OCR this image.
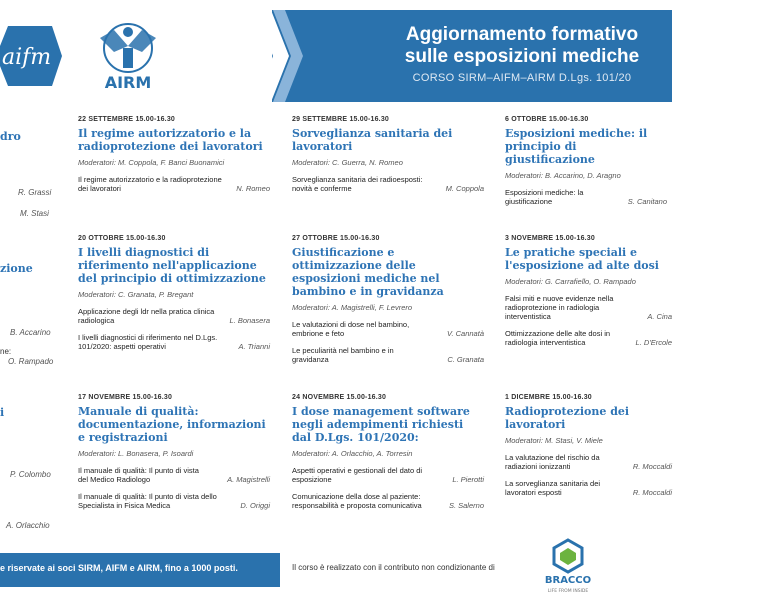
aifm
AIRM
Aggiornamento formativo
sulle esposizioni mediche
CORSO SIRM–AIFM–AIRM D.Lgs. 101/20
dro
R. Grassi
M. Stasi
zione
B. Accarino
ne:
O. Rampado
i
P. Colombo
A. Orlacchio
22 SETTEMBRE 15.00-16.30
Il regime autorizzatorio e la radioprotezione dei lavoratori
Moderatori: M. Coppola, F. Banci Buonamici
Il regime autorizzatorio e la radioprotezione dei lavoratori	N. Romeo
29 SETTEMBRE 15.00-16.30
Sorveglianza sanitaria dei lavoratori
Moderatori: C. Guerra, N. Romeo
Sorveglianza sanitaria dei radioesposti: novità e conferme	M. Coppola
6 OTTOBRE 15.00-16.30
Esposizioni mediche: il principio di giustificazione
Moderatori: B. Accarino, D. Aragno
Esposizioni mediche: la giustificazione	S. Canitano
20 OTTOBRE 15.00-16.30
I livelli diagnostici di riferimento nell'applicazione del principio di ottimizzazione
Moderatori: C. Granata, P. Bregant
Applicazione degli ldr nella pratica clinica radiologica	L. Bonasera
I livelli diagnostici di riferimento nel D.Lgs. 101/2020: aspetti operativi	A. Trianni
27 OTTOBRE 15.00-16.30
Giustificazione e ottimizzazione delle esposizioni mediche nel bambino e in gravidanza
Moderatori: A. Magistrelli, F. Levrero
Le valutazioni di dose nel bambino, embrione e feto	V. Cannatà
Le peculiarità nel bambino e in gravidanza	C. Granata
3 NOVEMBRE 15.00-16.30
Le pratiche speciali e l'esposizione ad alte dosi
Moderatori: G. Carrafiello, O. Rampado
Falsi miti e nuove evidenze nella radioprotezione in radiologia interventistica	A. Cina
Ottimizzazione delle alte dosi in radiologia interventistica	L. D'Ercole
17 NOVEMBRE 15.00-16.30
Manuale di qualità: documentazione, informazioni e registrazioni
Moderatori: L. Bonasera, P. Isoardi
Il manuale di qualità: Il punto di vista del Medico Radiologo	A. Magistrelli
Il manuale di qualità: Il punto di vista dello Specialista in Fisica Medica	D. Origgi
24 NOVEMBRE 15.00-16.30
I dose management software negli adempimenti richiesti dal D.Lgs. 101/2020:
Moderatori: A. Orlacchio, A. Torresin
Aspetti operativi e gestionali del dato di esposizione	L. Pierotti
Comunicazione della dose al paziente: responsabilità e proposta comunicativa	S. Salerno
1 DICEMBRE 15.00-16.30
Radioprotezione dei lavoratori
Moderatori: M. Stasi, V. Miele
La valutazione del rischio da radiazioni ionizzanti	R. Moccaldi
La sorveglianza sanitaria dei lavoratori esposti	R. Moccaldi
e riservate ai soci SIRM, AIFM e AIRM, fino a 1000 posti.	Il corso è realizzato con il contributo non condizionante di
BRACCO
LIFE FROM INSIDE
